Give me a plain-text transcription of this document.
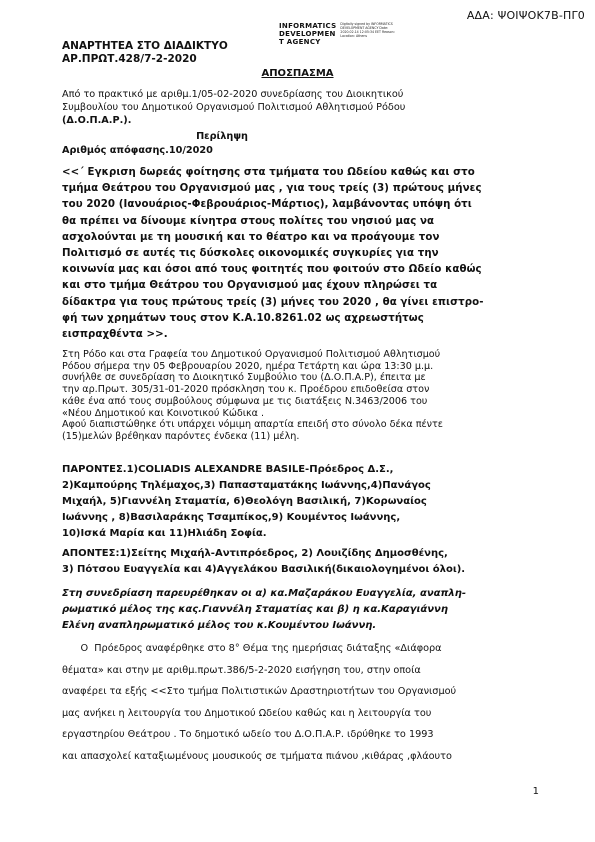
ΑΔΑ: ΨΟΙΨΟΚ7Β-ΠΓ0
ΑΝΑΡΤΗΤΕΑ ΣΤΟ ΔΙΑΔΙΚΤΥΟ
ΑΡ.ΠΡΩΤ.428/7-2-2020
INFORMATICS
DEVELOPMEN
T AGENCY
Digitally signed by INFORMATICS DEVELOPMENT AGENCY Date: 2020.02.14 12:05:34 EET Reason: Location: Athens
ΑΠΟΣΠΑΣΜΑ
Από το πρακτικό με αριθμ.1/05-02-2020 συνεδρίασης του Διοικητικού
Συμβουλίου του Δημοτικού Οργανισμού Πολιτισμού Αθλητισμού Ρόδου
(Δ.Ο.Π.Α.Ρ.).
Περίληψη
Αριθμός απόφασης.10/2020
<<΄ Εγκριση δωρεάς φοίτησης στα τμήματα του Ωδείου καθώς και στο
τμήμα Θεάτρου του Οργανισμού μας , για τους τρείς (3) πρώτους μήνες
του 2020 (Ιανουάριος-Φεβρουάριος-Μάρτιος), λαμβάνοντας υπόψη ότι
θα πρέπει να δίνουμε κίνητρα στους πολίτες του νησιού μας να
ασχολούνται με τη μουσική και το θέατρο και να προάγουμε τον
Πολιτισμό σε αυτές τις δύσκολες οικονομικές συγκυρίες για την
κοινωνία μας και όσοι από τους φοιτητές που φοιτούν στο Ωδείο καθώς
και στο τμήμα Θεάτρου του Οργανισμού μας έχουν πληρώσει τα
δίδακτρα για τους πρώτους τρείς (3) μήνες του 2020 , θα γίνει επιστρο-
φή των χρημάτων τους στον Κ.Α.10.8261.02 ως αχρεωστήτως
εισπραχθέντα >>.
Στη Ρόδο και στα Γραφεία του Δημοτικού Οργανισμού Πολιτισμού Αθλητισμού
Ρόδου σήμερα την 05 Φεβρουαρίου 2020, ημέρα Τετάρτη και ώρα 13:30 μ.μ.
συνήλθε σε συνεδρίαση το Διοικητικό Συμβούλιο του (Δ.Ο.Π.Α.Ρ), έπειτα με
την αρ.Πρωτ. 305/31-01-2020 πρόσκληση του κ. Προέδρου επιδοθείσα στον
κάθε ένα από τους συμβούλους σύμφωνα με τις διατάξεις Ν.3463/2006 του
«Νέου Δημοτικού και Κοινοτικού Κώδικα .
Αφού διαπιστώθηκε ότι υπάρχει νόμιμη απαρτία επειδή στο σύνολο δέκα πέντε
(15)μελών βρέθηκαν παρόντες ένδεκα (11) μέλη.
ΠΑΡΟΝΤΕΣ.1)COLIADIS ALEXANDRE BASILE-Πρόεδρος Δ.Σ.,
2)Καμπούρης Τηλέμαχος,3) Παπασταματάκης Ιωάννης,4)Πανάγος
Μιχαήλ, 5)Γιαννέλη Σταματία, 6)Θεολόγη Βασιλική, 7)Κορωναίος
Ιωάννης , 8)Βασιλαράκης Τσαμπίκος,9) Κουμέντος Ιωάννης,
10)Ισκά Μαρία και 11)Ηλιάδη Σοφία.
ΑΠΟΝΤΕΣ:1)Σείτης Μιχαήλ-Αντιπρόεδρος, 2) Λουιζίδης Δημοσθένης,
3) Πότσου Ευαγγελία και 4)Αγγελάκου Βασιλική(δικαιολογημένοι όλοι).
Στη συνεδρίαση παρευρέθηκαν οι α) κα.Μαζαράκου Ευαγγελία, αναπλη-
ρωματικό μέλος της κας.Γιαννέλη Σταματίας και β) η κα.Καραγιάννη
Ελένη αναπληρωματικό μέλος του κ.Κουμέντου Ιωάννη.
Ο  Πρόεδρος αναφέρθηκε στο 8° Θέμα της ημερήσιας διάταξης «Διάφορα
θέματα» και στην με αριθμ.πρωτ.386/5-2-2020 εισήγηση του, στην οποία
αναφέρει τα εξής <<Στο τμήμα Πολιτιστικών Δραστηριοτήτων του Οργανισμού
μας ανήκει η λειτουργία του Δημοτικού Ωδείου καθώς και η λειτουργία του
εργαστηρίου Θεάτρου . Το δημοτικό ωδείο του Δ.Ο.Π.Α.Ρ. ιδρύθηκε το 1993
και απασχολεί καταξιωμένους μουσικούς σε τμήματα πιάνου ,κιθάρας ,φλάουτο
1
